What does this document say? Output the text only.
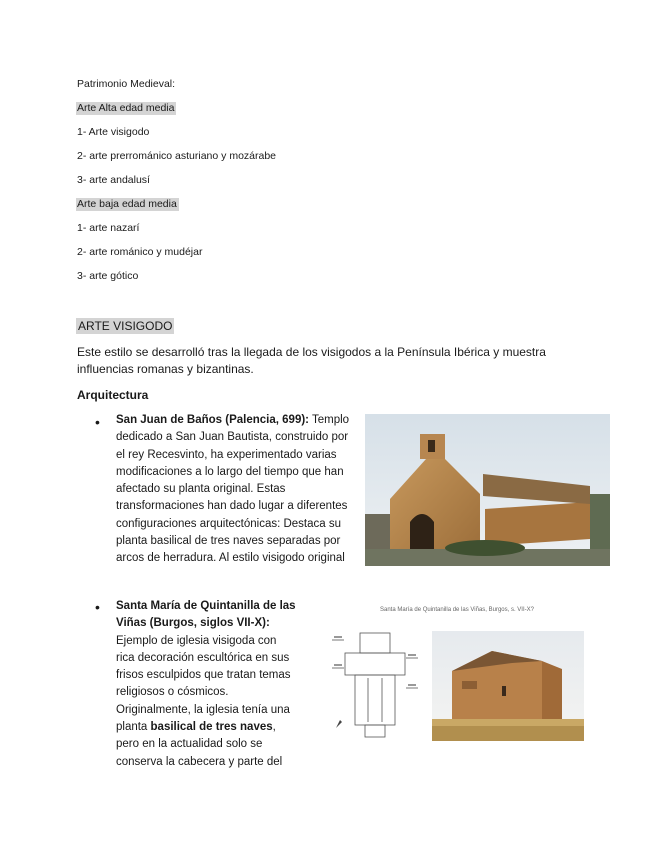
Patrimonio Medieval:
Arte Alta edad media
1- Arte visigodo
2- arte prerrománico asturiano y mozárabe
3- arte andalusí
Arte baja edad media
1- arte nazarí
2- arte románico y mudéjar
3- arte gótico
ARTE VISIGODO
Este estilo se desarrolló tras la llegada de los visigodos a la Península Ibérica y muestra influencias romanas y bizantinas.
Arquitectura
• San Juan de Baños (Palencia, 699): Templo
dedicado a San Juan Bautista, construido por
el rey Recesvinto, ha experimentado varias
modificaciones a lo largo del tiempo que han
afectado su planta original. Estas
transformaciones han dado lugar a diferentes
configuraciones arquitectónicas: Destaca su
planta basilical de tres naves separadas por
arcos de herradura. Al estilo visigodo original
• Santa María de Quintanilla de las
Viñas (Burgos, siglos VII-X):
Ejemplo de iglesia visigoda con
rica decoración escultórica en sus
frisos esculpidos que tratan temas
religiosos o cósmicos.
Originalmente, la iglesia tenía una
planta basilical de tres naves,
pero en la actualidad solo se
conserva la cabecera y parte del
Santa María de Quintanilla de las Viñas, Burgos, s. VII-X?
